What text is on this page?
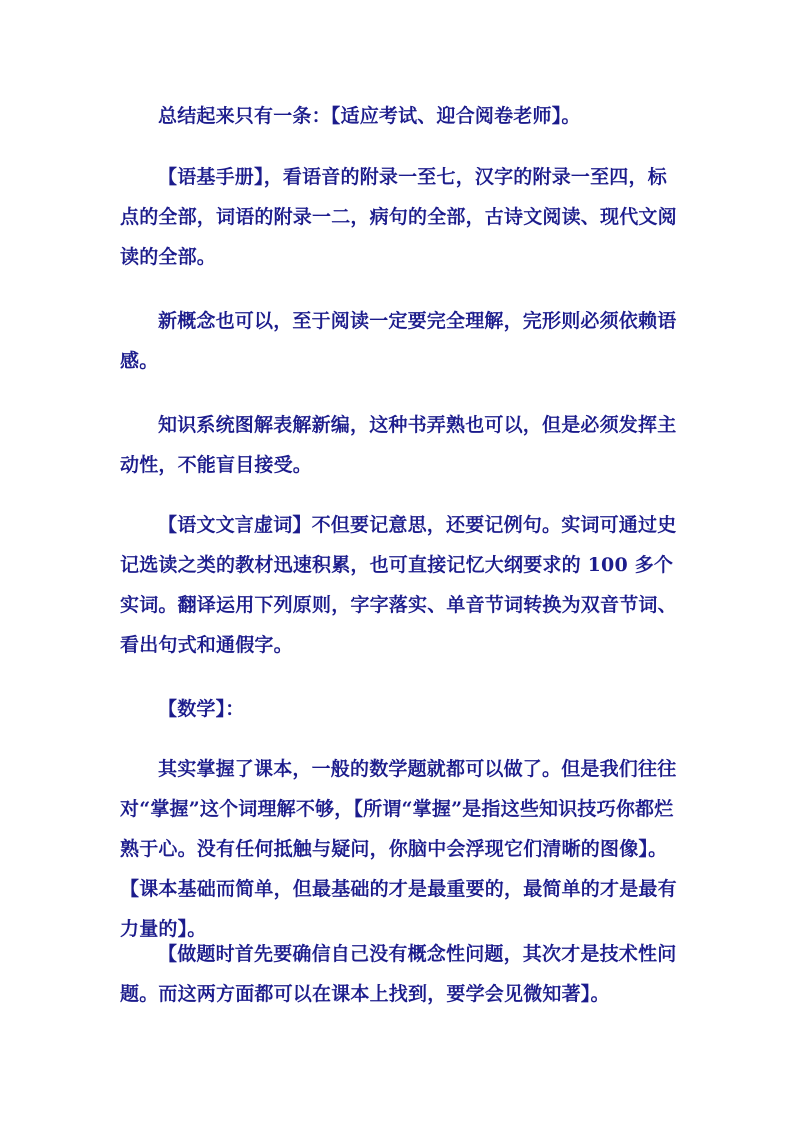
总结起来只有一条：【适应考试、迎合阅卷老师】。

【语基手册】，看语音的附录一至七，汉字的附录一至四，标点的全部，词语的附录一二，病句的全部，古诗文阅读、现代文阅读的全部。

新概念也可以，至于阅读一定要完全理解，完形则必须依赖语感。

知识系统图解表解新编，这种书弄熟也可以，但是必须发挥主动性，不能盲目接受。

【语文文言虚词】不但要记意思，还要记例句。实词可通过史记选读之类的教材迅速积累，也可直接记忆大纲要求的 100 多个实词。翻译运用下列原则，字字落实、单音节词转换为双音节词、看出句式和通假字。

【数学】：

其实掌握了课本，一般的数学题就都可以做了。但是我们往往对“掌握”这个词理解不够，【所谓“掌握”是指这些知识技巧你都烂熟于心。没有任何抵触与疑问，你脑中会浮现它们清晰的图像】。【课本基础而简单，但最基础的才是最重要的，最简单的才是最有力量的】。

【做题时首先要确信自己没有概念性问题，其次才是技术性问题。而这两方面都可以在课本上找到，要学会见微知著】。
